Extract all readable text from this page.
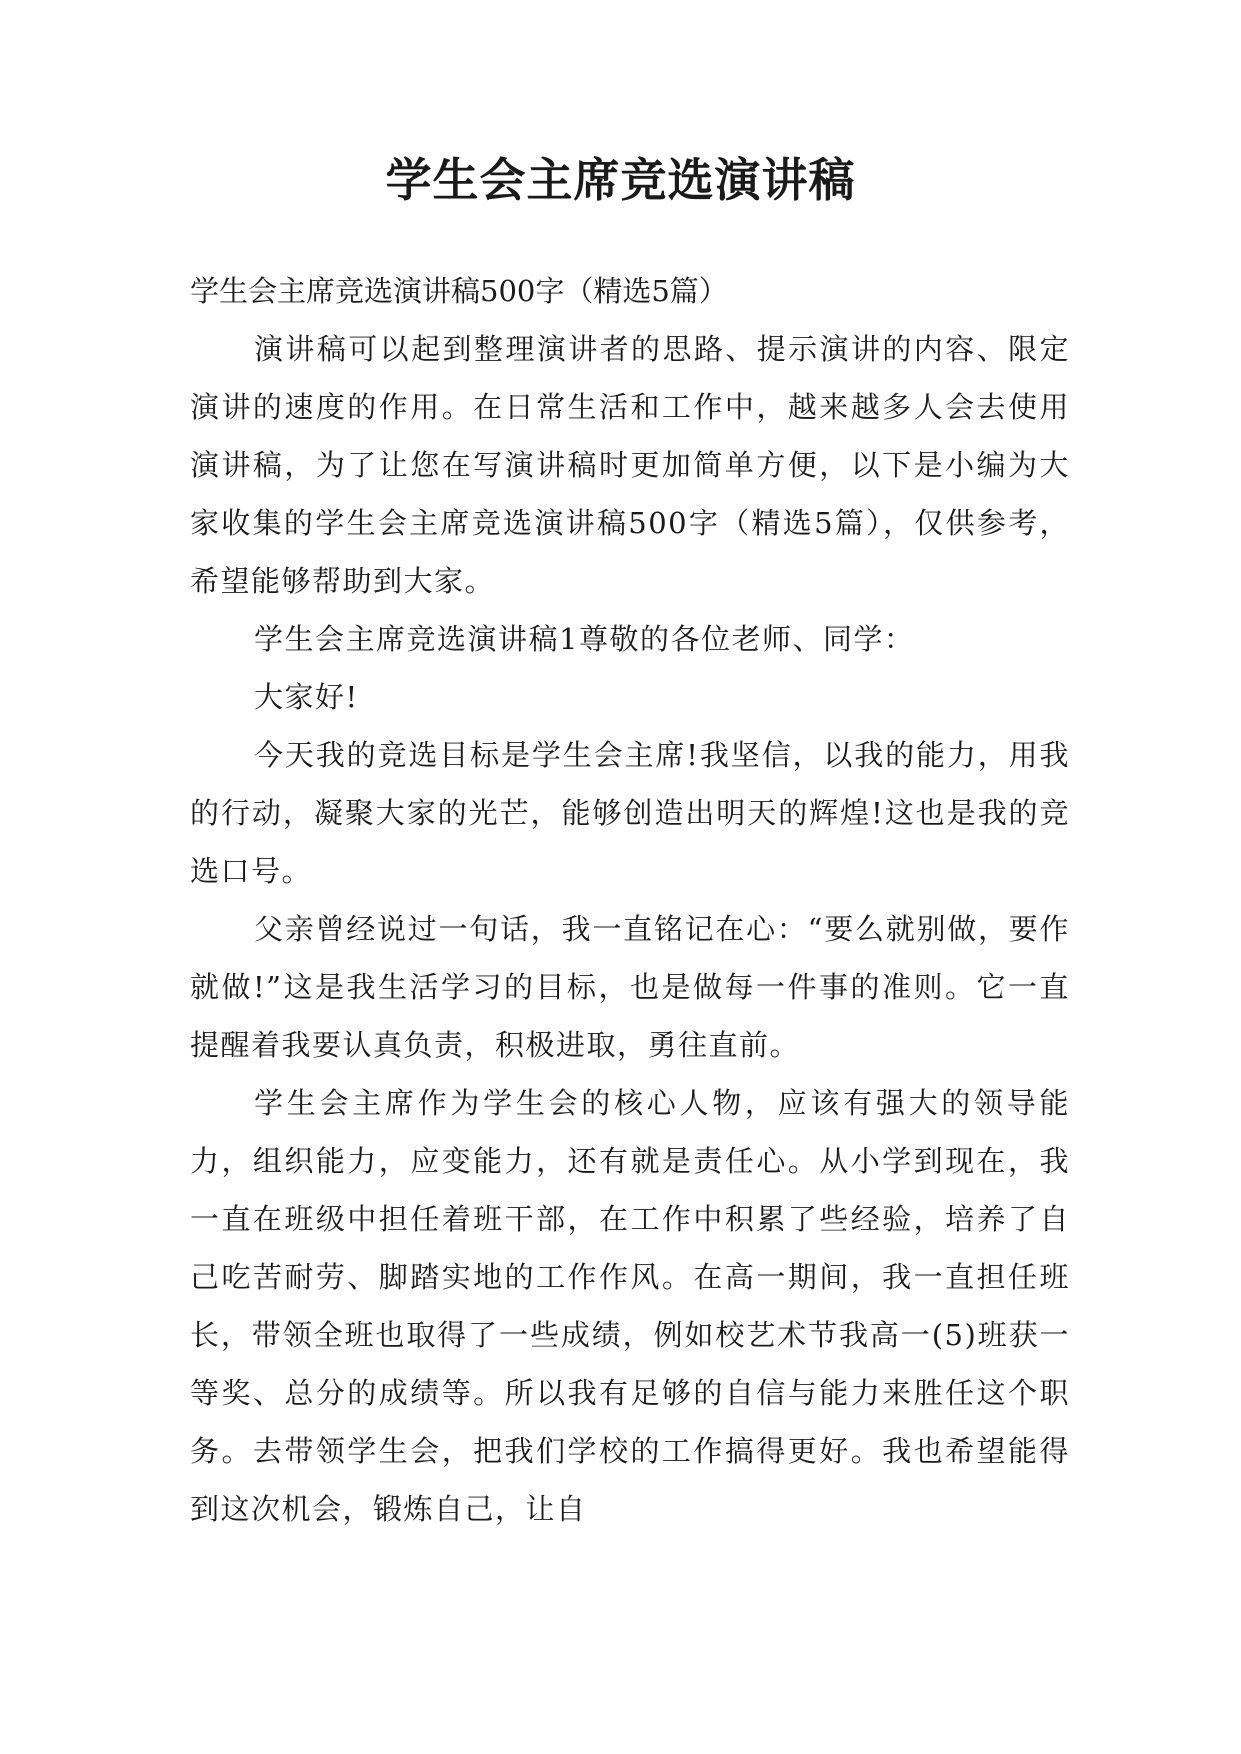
学生会主席竞选演讲稿

学生会主席竞选演讲稿500字（精选5篇）

演讲稿可以起到整理演讲者的思路、提示演讲的内容、限定演讲的速度的作用。在日常生活和工作中，越来越多人会去使用演讲稿，为了让您在写演讲稿时更加简单方便，以下是小编为大家收集的学生会主席竞选演讲稿500字（精选5篇），仅供参考，希望能够帮助到大家。

学生会主席竞选演讲稿1尊敬的各位老师、同学：

大家好!

今天我的竞选目标是学生会主席!我坚信，以我的能力，用我的行动，凝聚大家的光芒，能够创造出明天的辉煌!这也是我的竞选口号。

父亲曾经说过一句话，我一直铭记在心：“要么就别做，要作就做!”这是我生活学习的目标，也是做每一件事的准则。它一直提醒着我要认真负责，积极进取，勇往直前。

学生会主席作为学生会的核心人物，应该有强大的领导能力，组织能力，应变能力，还有就是责任心。从小学到现在，我一直在班级中担任着班干部，在工作中积累了些经验，培养了自己吃苦耐劳、脚踏实地的工作作风。在高一期间，我一直担任班长，带领全班也取得了一些成绩，例如校艺术节我高一(5)班获一等奖、总分的成绩等。所以我有足够的自信与能力来胜任这个职务。去带领学生会，把我们学校的工作搞得更好。我也希望能得到这次机会，锻炼自己，让自
